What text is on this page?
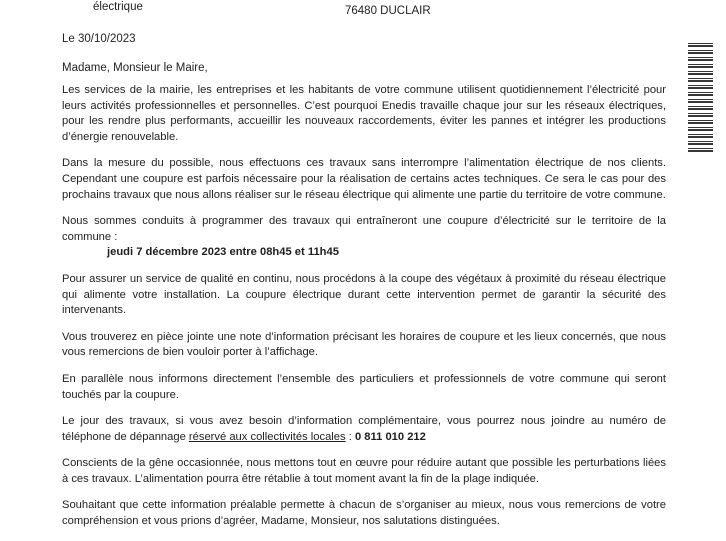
électrique	76480 DUCLAIR
Le 30/10/2023
Madame, Monsieur le Maire,

Les services de la mairie, les entreprises et les habitants de votre commune utilisent quotidiennement l’électricité pour leurs activités professionnelles et personnelles. C’est pourquoi Enedis travaille chaque jour sur les réseaux électriques, pour les rendre plus performants, accueillir les nouveaux raccordements, éviter les pannes et intégrer les productions d’énergie renouvelable.

Dans la mesure du possible, nous effectuons ces travaux sans interrompre l’alimentation électrique de nos clients. Cependant une coupure est parfois nécessaire pour la réalisation de certains actes techniques. Ce sera le cas pour des prochains travaux que nous allons réaliser sur le réseau électrique qui alimente une partie du territoire de votre commune.

Nous sommes conduits à programmer des travaux qui entraîneront une coupure d’électricité sur le territoire de la commune :
jeudi 7 décembre 2023 entre 08h45 et 11h45

Pour assurer un service de qualité en continu, nous procédons à la coupe des végétaux à proximité du réseau électrique qui alimente votre installation. La coupure électrique durant cette intervention permet de garantir la sécurité des intervenants.

Vous trouverez en pièce jointe une note d’information précisant les horaires de coupure et les lieux concernés, que nous vous remercions de bien vouloir porter à l’affichage.

En parallèle nous informons directement l’ensemble des particuliers et professionnels de votre commune qui seront touchés par la coupure.

Le jour des travaux, si vous avez besoin d’information complémentaire, vous pourrez nous joindre au numéro de téléphone de dépannage réservé aux collectivités locales : 0 811 010 212

Conscients de la gêne occasionnée, nous mettons tout en œuvre pour réduire autant que possible les perturbations liées à ces travaux. L’alimentation pourra être rétablie à tout moment avant la fin de la plage indiquée.

Souhaitant que cette information préalable permette à chacun de s’organiser au mieux, nous vous remercions de votre compréhension et vous prions d’agréer, Madame, Monsieur, nos salutations distinguées.
